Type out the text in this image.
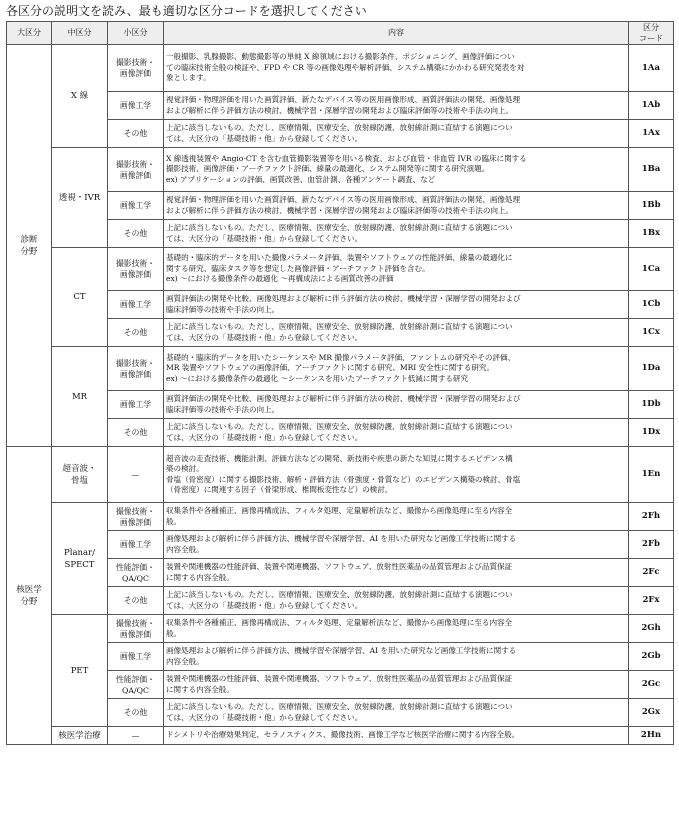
各区分の説明文を読み、最も適切な区分コードを選択してください
大区分	中区分	小区分	内容	区分
コード

診断
分野	X 線	撮影技術・
画像評価	一般撮影、乳腺撮影、動態撮影等の単純 X 線領域における撮影条件、ポジショニング、画像評価につい
ての臨床技術全般の検証や、FPD や CR 等の画像処理や解析評価、システム構築にかかわる研究発表を対
象とします。	1Aa

		画像工学	視覚評価・物理評価を用いた画質評価、新たなデバイス等の医用画像形成、画質評価法の開発、画像処理
および解析に伴う評価方法の検討、機械学習・深層学習の開発および臨床評価等の技術や手法の向上。	1Ab

		その他	上記に該当しないもの。ただし、医療情報、医療安全、放射線防護、放射線計測に直結する演題につい
ては、大区分の「基礎技術・他」から登録してください。	1Ax

	透視・IVR	撮影技術・
画像評価	X 線透視装置や Angio-CT を含む血管撮影装置等を用いる検査、および血管・非血管 IVR の臨床に関する
撮影技術、画像評価・アーチファクト評価、線量の最適化、システム開発等に関する研究演題。
ex) アプリケーションの評価、画質改善、血管計測、各種アンケート調査、など	1Ba

		画像工学	視覚評価・物理評価を用いた画質評価、新たなデバイス等の医用画像形成、画質評価法の開発、画像処理
および解析に伴う評価方法の検討、機械学習・深層学習の開発および臨床評価等の技術や手法の向上。	1Bb

		その他	上記に該当しないもの。ただし、医療情報、医療安全、放射線防護、放射線計測に直結する演題につい
ては、大区分の「基礎技術・他」から登録してください。	1Bx

	CT	撮影技術・
画像評価	基礎的・臨床的データを用いた撮像パラメータ評価、装置やソフトウェアの性能評価、線量の最適化に
関する研究、臨床タスク等を想定した画像評価・アーチファクト評価を含む。
ex) ～における撮像条件の最適化 ～再構成法による画質改善の評価	1Ca

		画像工学	画質評価法の開発や比較、画像処理および解析に伴う評価方法の検討、機械学習・深層学習の開発および
臨床評価等の技術や手法の向上。	1Cb

		その他	上記に該当しないもの。ただし、医療情報、医療安全、放射線防護、放射線計測に直結する演題につい
ては、大区分の「基礎技術・他」から登録してください。	1Cx

	MR	撮影技術・
画像評価	基礎的・臨床的データを用いたシーケンスや MR 撮像パラメータ評価、ファントムの研究やその評価、
MR 装置やソフトウェアの画像評価、アーチファクトに関する研究、MRI 安全性に関する研究。
ex) ～における撮像条件の最適化 ～シーケンスを用いたアーチファクト低減に関する研究	1Da

		画像工学	画質評価法の開発や比較、画像処理および解析に伴う評価方法の検討、機械学習・深層学習の開発および
臨床評価等の技術や手法の向上。	1Db

		その他	上記に該当しないもの。ただし、医療情報、医療安全、放射線防護、放射線計測に直結する演題につい
ては、大区分の「基礎技術・他」から登録してください。	1Dx

核医学
分野	超音波・
骨塩	—	超音波の走査技術、機能計測、評価方法などの開発、新技術や疾患の新たな知見に関するエビデンス構
築の検討。
骨塩（骨密度）に関する撮影技術、解析・評価方法（骨強度・骨質など）のエビデンス構築の検討、骨塩
（骨密度）に関連する因子（骨梁形成、椎間板変性など）の検討。	1En

	Planar/
SPECT	撮像技術・
画像評価	収集条件や各種補正、画像再構成法、フィルタ処理、定量解析法など、撮像から画像処理に至る内容全
般。	2Fh

		画像工学	画像処理および解析に伴う評価方法、機械学習や深層学習、AI を用いた研究など画像工学技術に関する
内容全般。	2Fb

		性能評価・
QA/QC	装置や関連機器の性能評価、装置や関連機器、ソフトウェア、放射性医薬品の品質管理および品質保証
に関する内容全般。	2Fc

		その他	上記に該当しないもの。ただし、医療情報、医療安全、放射線防護、放射線計測に直結する演題につい
ては、大区分の「基礎技術・他」から登録してください。	2Fx

	PET	撮像技術・
画像評価	収集条件や各種補正、画像再構成法、フィルタ処理、定量解析法など、撮像から画像処理に至る内容全
般。	2Gh

		画像工学	画像処理および解析に伴う評価方法、機械学習や深層学習、AI を用いた研究など画像工学技術に関する
内容全般。	2Gb

		性能評価・
QA/QC	装置や関連機器の性能評価、装置や関連機器、ソフトウェア、放射性医薬品の品質管理および品質保証
に関する内容全般。	2Gc

		その他	上記に該当しないもの。ただし、医療情報、医療安全、放射線防護、放射線計測に直結する演題につい
ては、大区分の「基礎技術・他」から登録してください。	2Gx

	核医学治療	—	ドシメトリや治療効果判定、セラノスティクス、撮像技術、画像工学など核医学治療に関する内容全般。	2Hn
